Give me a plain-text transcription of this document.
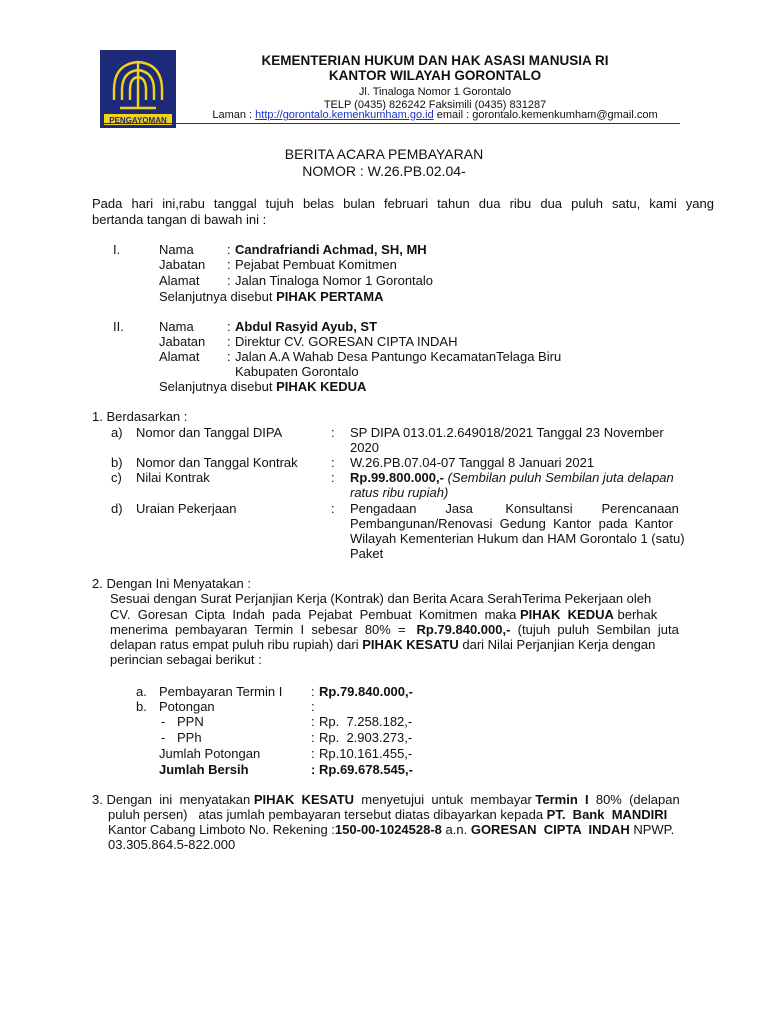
PENGAYOMAN
KEMENTERIAN HUKUM DAN HAK ASASI MANUSIA RI
KANTOR WILAYAH GORONTALO
Jl. Tinaloga Nomor 1 Gorontalo
TELP (0435) 826242 Faksimili (0435) 831287
Laman : http://gorontalo.kemenkumham.go.id email : gorontalo.kemenkumham@gmail.com
BERITA ACARA PEMBAYARAN
NOMOR : W.26.PB.02.04-
Pada hari ini,rabu tanggal tujuh belas bulan februari tahun dua ribu dua puluh satu, kami yang
bertanda tangan di bawah ini :
I.	Nama	: Candrafriandi Achmad, SH, MH
Jabatan : Pejabat Pembuat Komitmen
Alamat : Jalan Tinaloga Nomor 1 Gorontalo
Selanjutnya disebut PIHAK PERTAMA
II.	Nama	: Abdul Rasyid Ayub, ST
Jabatan : Direktur CV. GORESAN CIPTA INDAH
Alamat : Jalan A.A Wahab Desa Pantungo KecamatanTelaga Biru
Kabupaten Gorontalo
Selanjutnya disebut PIHAK KEDUA
1. Berdasarkan :
a) Nomor dan Tanggal DIPA	: SP DIPA 013.01.2.649018/2021 Tanggal 23 November
2020
b) Nomor dan Tanggal Kontrak	: W.26.PB.07.04-07 Tanggal 8 Januari 2021
c) Nilai Kontrak	: Rp.99.800.000,- (Sembilan puluh Sembilan juta delapan
ratus ribu rupiah)
d) Uraian Pekerjaan	: Pengadaan        Jasa         Konsultansi        Perencanaan
Pembangunan/Renovasi  Gedung  Kantor  pada  Kantor
Wilayah Kementerian Hukum dan HAM Gorontalo 1 (satu)
Paket
2. Dengan Ini Menyatakan :
Sesuai dengan Surat Perjanjian Kerja (Kontrak) dan Berita Acara SerahTerima Pekerjaan oleh
CV.  Goresan  Cipta  Indah  pada  Pejabat  Pembuat  Komitmen  maka PIHAK  KEDUA berhak
menerima  pembayaran  Termin  I  sebesar  80%  =   Rp.79.840.000,-  (tujuh  puluh  Sembilan  juta
delapan ratus empat puluh ribu rupiah) dari PIHAK KESATU dari Nilai Perjanjian Kerja dengan
perincian sebagai berikut :
a. Pembayaran Termin I : Rp.79.840.000,-
b. Potongan	:
- PPN	: Rp.  7.258.182,-
- PPh	: Rp.  2.903.273,-
Jumlah Potongan	: Rp.10.161.455,-
Jumlah Bersih	: Rp.69.678.545,-
3. Dengan  ini  menyatakan PIHAK  KESATU  menyetujui  untuk  membayar Termin  I  80%  (delapan
puluh persen)   atas jumlah pembayaran tersebut diatas dibayarkan kepada PT.  Bank  MANDIRI
Kantor Cabang Limboto No. Rekening :150-00-1024528-8 a.n. GORESAN  CIPTA  INDAH NPWP.
03.305.864.5-822.000
